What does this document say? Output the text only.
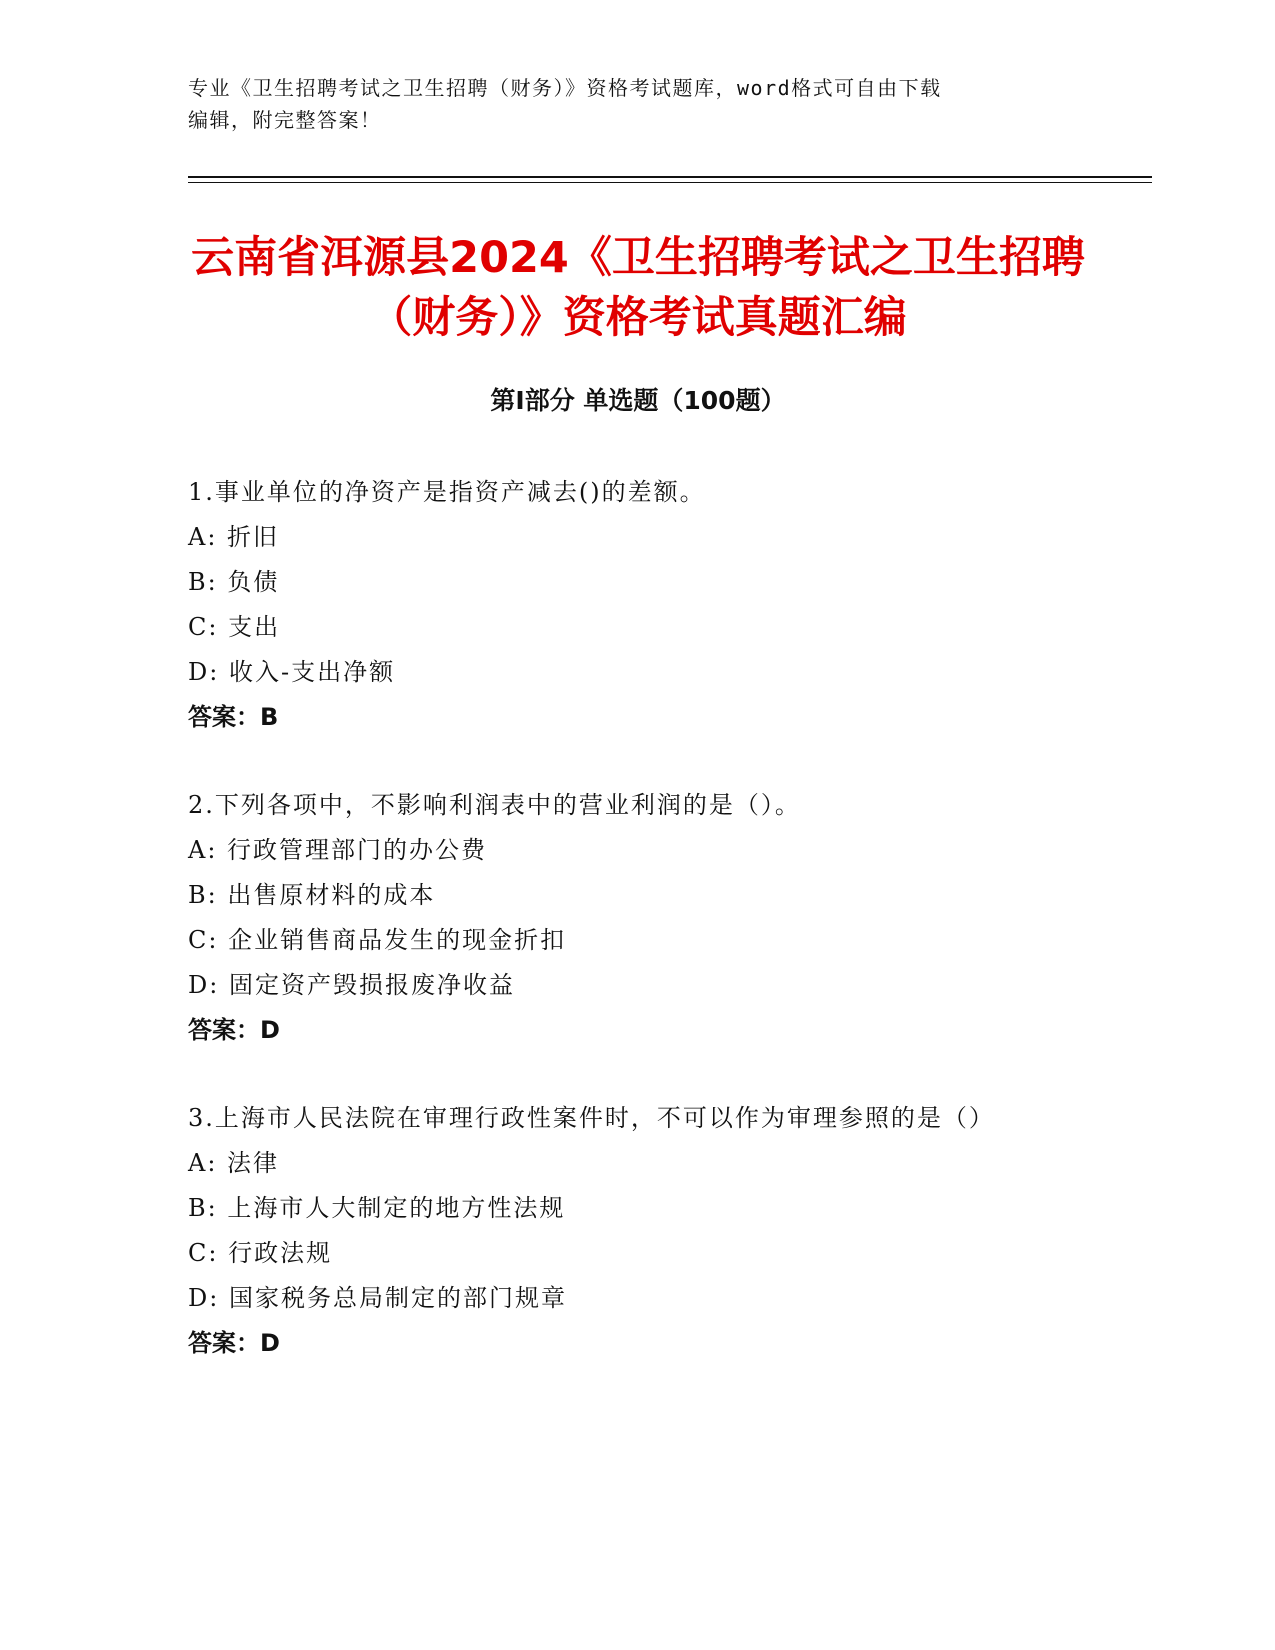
专业《卫生招聘考试之卫生招聘（财务）》资格考试题库，word格式可自由下载
编辑，附完整答案！
云南省洱源县2024《卫生招聘考试之卫生招聘（财务）》资格考试真题汇编
第Ⅰ部分 单选题（100题）
1.事业单位的净资产是指资产减去()的差额。
A: 折旧
B: 负债
C: 支出
D: 收入-支出净额
答案：B
2.下列各项中，不影响利润表中的营业利润的是（）。
A: 行政管理部门的办公费
B: 出售原材料的成本
C: 企业销售商品发生的现金折扣
D: 固定资产毁损报废净收益
答案：D
3.上海市人民法院在审理行政性案件时，不可以作为审理参照的是（）
A: 法律
B: 上海市人大制定的地方性法规
C: 行政法规
D: 国家税务总局制定的部门规章
答案：D
